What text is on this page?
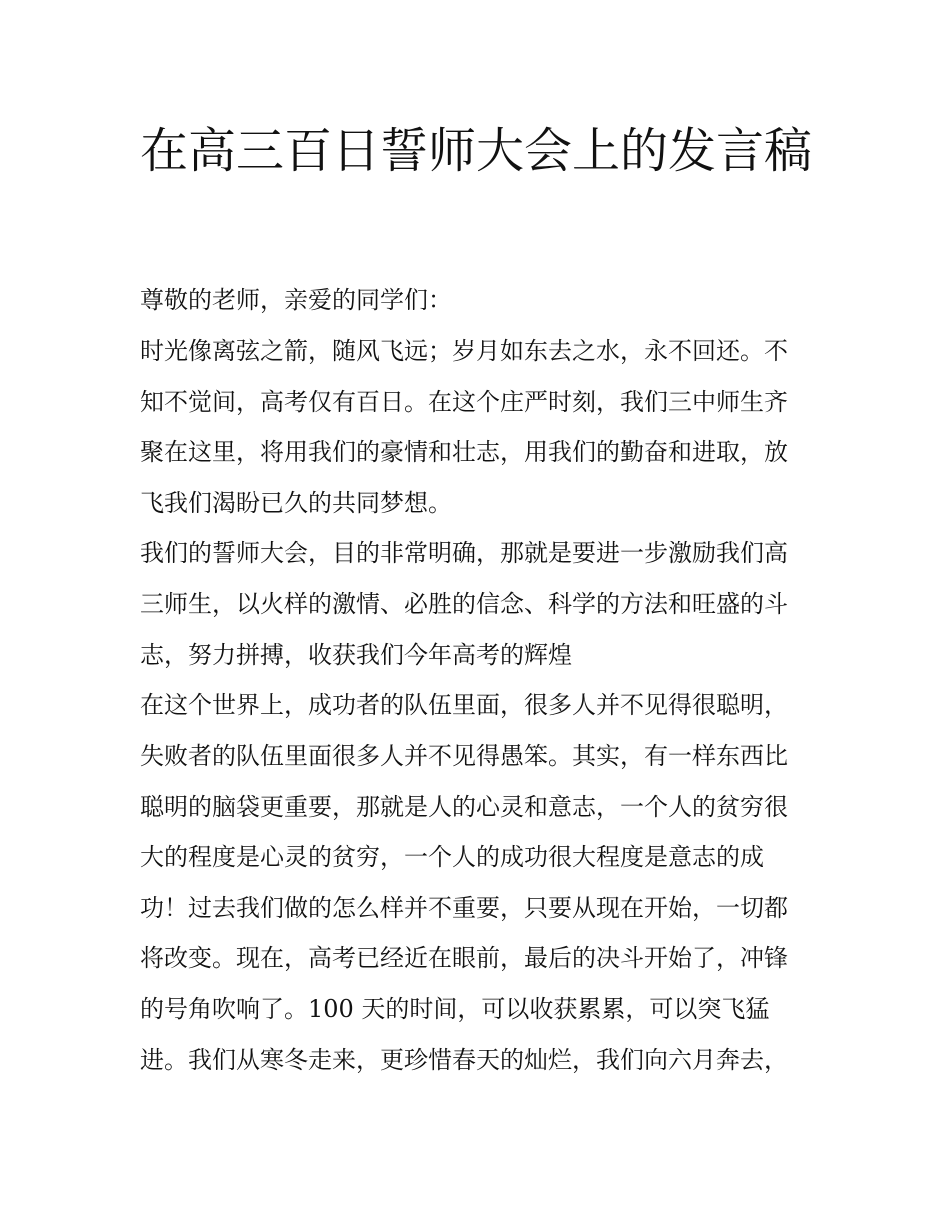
在高三百日誓师大会上的发言稿
尊敬的老师，亲爱的同学们：
时光像离弦之箭，随风飞远；岁月如东去之水，永不回还。不
知不觉间，高考仅有百日。在这个庄严时刻，我们三中师生齐
聚在这里，将用我们的豪情和壮志，用我们的勤奋和进取，放
飞我们渴盼已久的共同梦想。
我们的誓师大会，目的非常明确，那就是要进一步激励我们高
三师生，以火样的激情、必胜的信念、科学的方法和旺盛的斗
志，努力拼搏，收获我们今年高考的辉煌
在这个世界上，成功者的队伍里面，很多人并不见得很聪明，
失败者的队伍里面很多人并不见得愚笨。其实，有一样东西比
聪明的脑袋更重要，那就是人的心灵和意志，一个人的贫穷很
大的程度是心灵的贫穷，一个人的成功很大程度是意志的成
功！过去我们做的怎么样并不重要，只要从现在开始，一切都
将改变。现在，高考已经近在眼前，最后的决斗开始了，冲锋
的号角吹响了。100 天的时间，可以收获累累，可以突飞猛
进。我们从寒冬走来，更珍惜春天的灿烂，我们向六月奔去，
